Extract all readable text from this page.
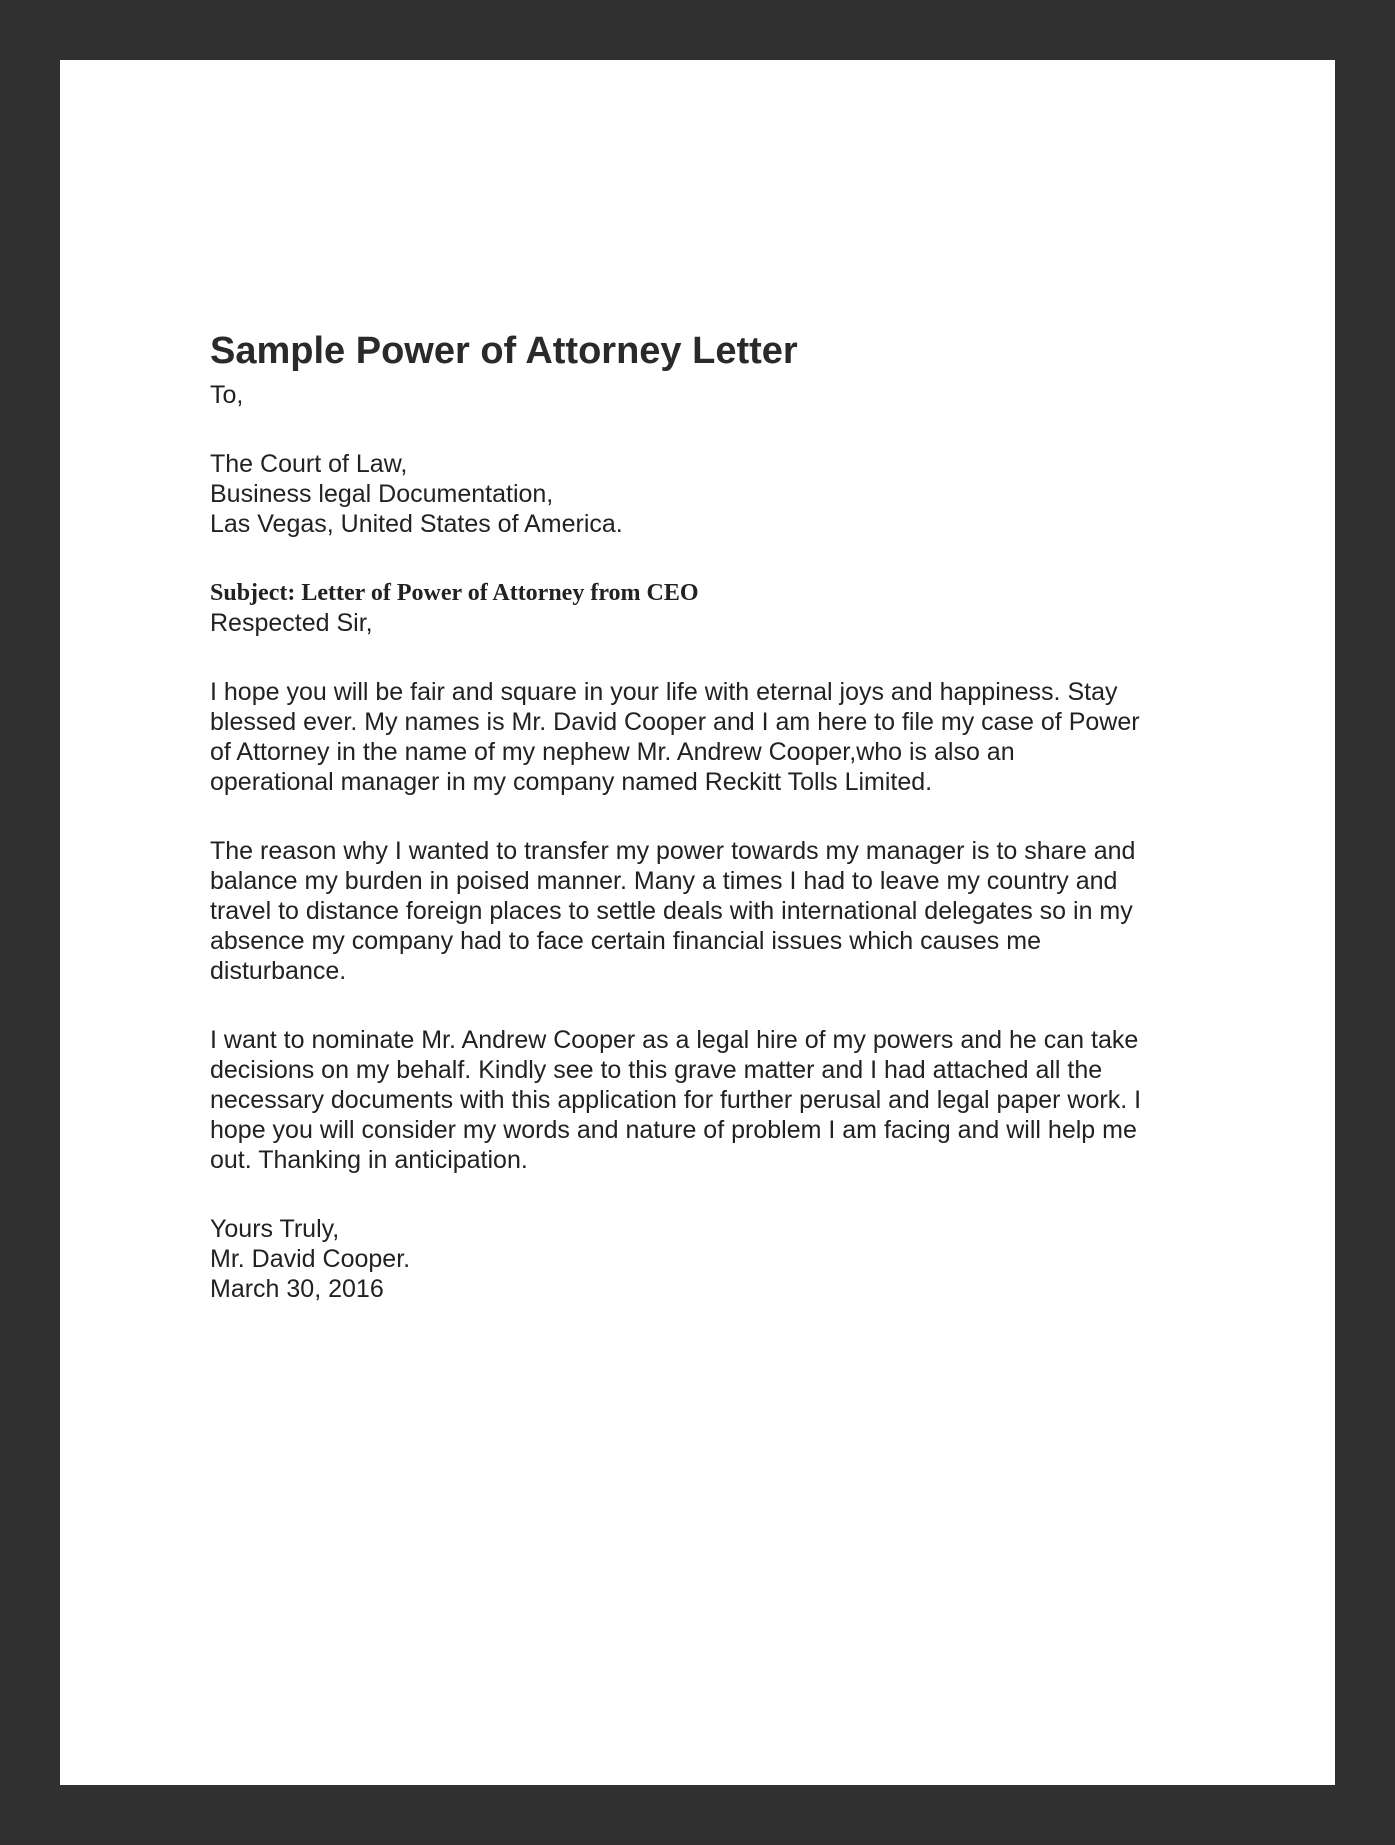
Sample Power of Attorney Letter
To,
The Court of Law,
Business legal Documentation,
Las Vegas, United States of America.
Subject: Letter of Power of Attorney from CEO
Respected Sir,
I hope you will be fair and square in your life with eternal joys and happiness. Stay
blessed ever. My names is Mr. David Cooper and I am here to file my case of Power
of Attorney in the name of my nephew Mr. Andrew Cooper,who is also an
operational manager in my company named Reckitt Tolls Limited.
The reason why I wanted to transfer my power towards my manager is to share and
balance my burden in poised manner. Many a times I had to leave my country and
travel to distance foreign places to settle deals with international delegates so in my
absence my company had to face certain financial issues which causes me
disturbance.
I want to nominate Mr. Andrew Cooper as a legal hire of my powers and he can take
decisions on my behalf. Kindly see to this grave matter and I had attached all the
necessary documents with this application for further perusal and legal paper work. I
hope you will consider my words and nature of problem I am facing and will help me
out. Thanking in anticipation.
Yours Truly,
Mr. David Cooper.
March 30, 2016
